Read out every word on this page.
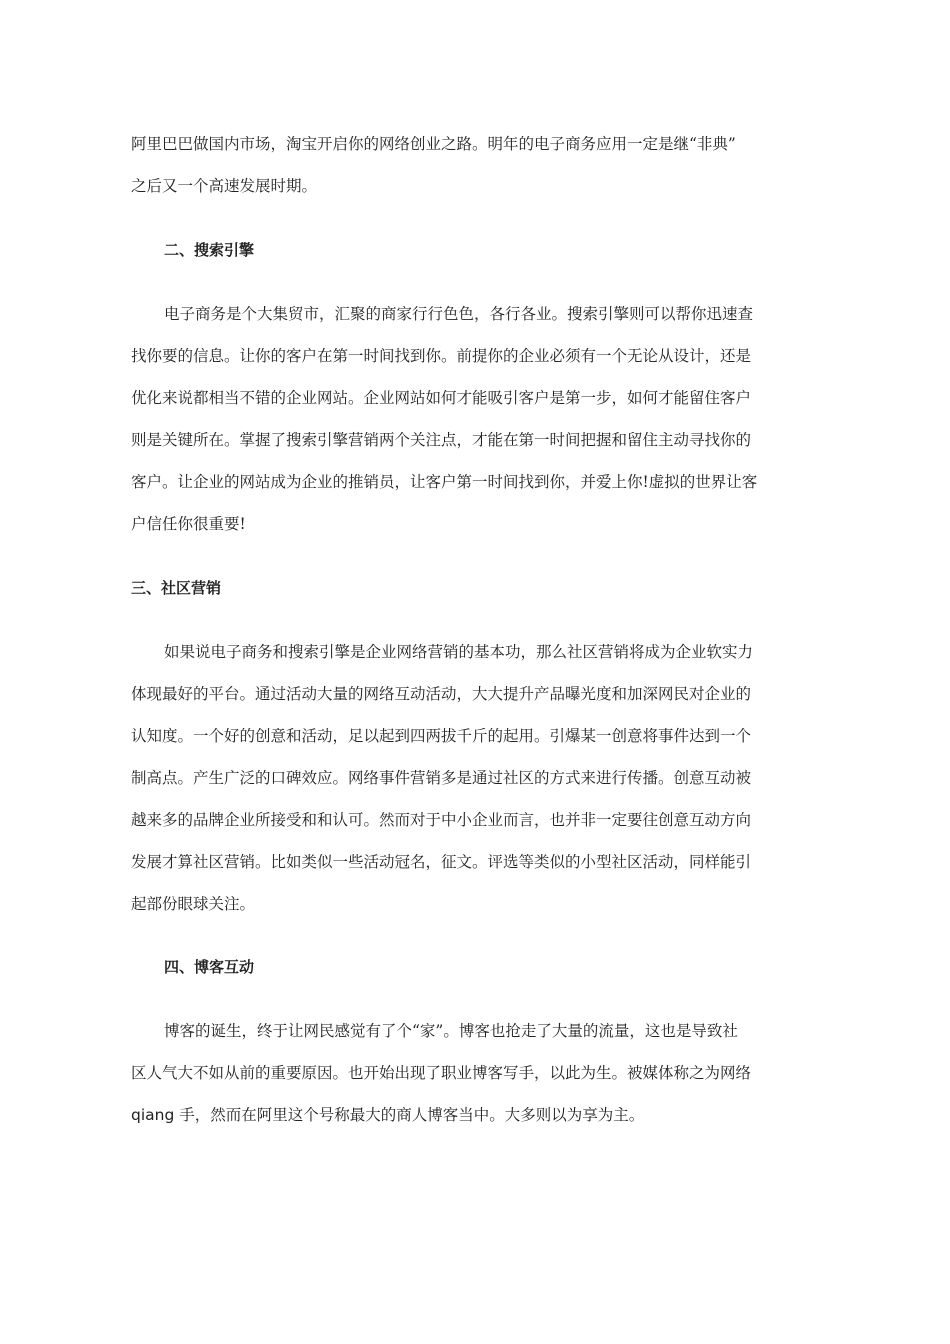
阿里巴巴做国内市场，淘宝开启你的网络创业之路。明年的电子商务应用一定是继“非典”
之后又一个高速发展时期。
二、搜索引擎
电子商务是个大集贸市，汇聚的商家行行色色，各行各业。搜索引擎则可以帮你迅速查
找你要的信息。让你的客户在第一时间找到你。前提你的企业必须有一个无论从设计，还是
优化来说都相当不错的企业网站。企业网站如何才能吸引客户是第一步，如何才能留住客户
则是关键所在。掌握了搜索引擎营销两个关注点，才能在第一时间把握和留住主动寻找你的
客户。让企业的网站成为企业的推销员，让客户第一时间找到你，并爱上你!虚拟的世界让客
户信任你很重要!
三、社区营销
如果说电子商务和搜索引擎是企业网络营销的基本功，那么社区营销将成为企业软实力
体现最好的平台。通过活动大量的网络互动活动，大大提升产品曝光度和加深网民对企业的
认知度。一个好的创意和活动，足以起到四两拔千斤的起用。引爆某一创意将事件达到一个
制高点。产生广泛的口碑效应。网络事件营销多是通过社区的方式来进行传播。创意互动被
越来多的品牌企业所接受和和认可。然而对于中小企业而言，也并非一定要往创意互动方向
发展才算社区营销。比如类似一些活动冠名，征文。评选等类似的小型社区活动，同样能引
起部份眼球关注。
四、博客互动
博客的诞生，终于让网民感觉有了个“家”。博客也抢走了大量的流量，这也是导致社
区人气大不如从前的重要原因。也开始出现了职业博客写手，以此为生。被媒体称之为网络
qiang 手，然而在阿里这个号称最大的商人博客当中。大多则以为享为主。
